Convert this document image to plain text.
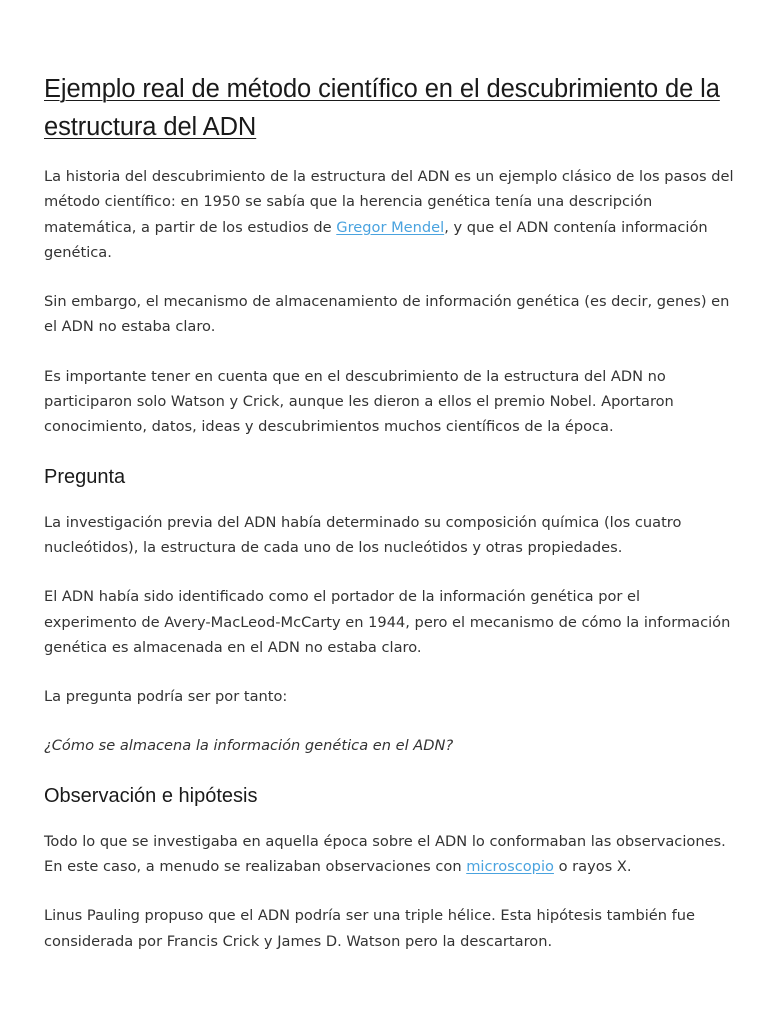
Ejemplo real de método científico en el descubrimiento de la estructura del ADN

La historia del descubrimiento de la estructura del ADN es un ejemplo clásico de los pasos del método científico: en 1950 se sabía que la herencia genética tenía una descripción matemática, a partir de los estudios de Gregor Mendel, y que el ADN contenía información genética.

Sin embargo, el mecanismo de almacenamiento de información genética (es decir, genes) en el ADN no estaba claro.

Es importante tener en cuenta que en el descubrimiento de la estructura del ADN no participaron solo Watson y Crick, aunque les dieron a ellos el premio Nobel. Aportaron conocimiento, datos, ideas y descubrimientos muchos científicos de la época.

Pregunta

La investigación previa del ADN había determinado su composición química (los cuatro nucleótidos), la estructura de cada uno de los nucleótidos y otras propiedades.

El ADN había sido identificado como el portador de la información genética por el experimento de Avery-MacLeod-McCarty en 1944, pero el mecanismo de cómo la información genética es almacenada en el ADN no estaba claro.

La pregunta podría ser por tanto:

¿Cómo se almacena la información genética en el ADN?

Observación e hipótesis

Todo lo que se investigaba en aquella época sobre el ADN lo conformaban las observaciones. En este caso, a menudo se realizaban observaciones con microscopio o rayos X.

Linus Pauling propuso que el ADN podría ser una triple hélice. Esta hipótesis también fue considerada por Francis Crick y James D. Watson pero la descartaron.
